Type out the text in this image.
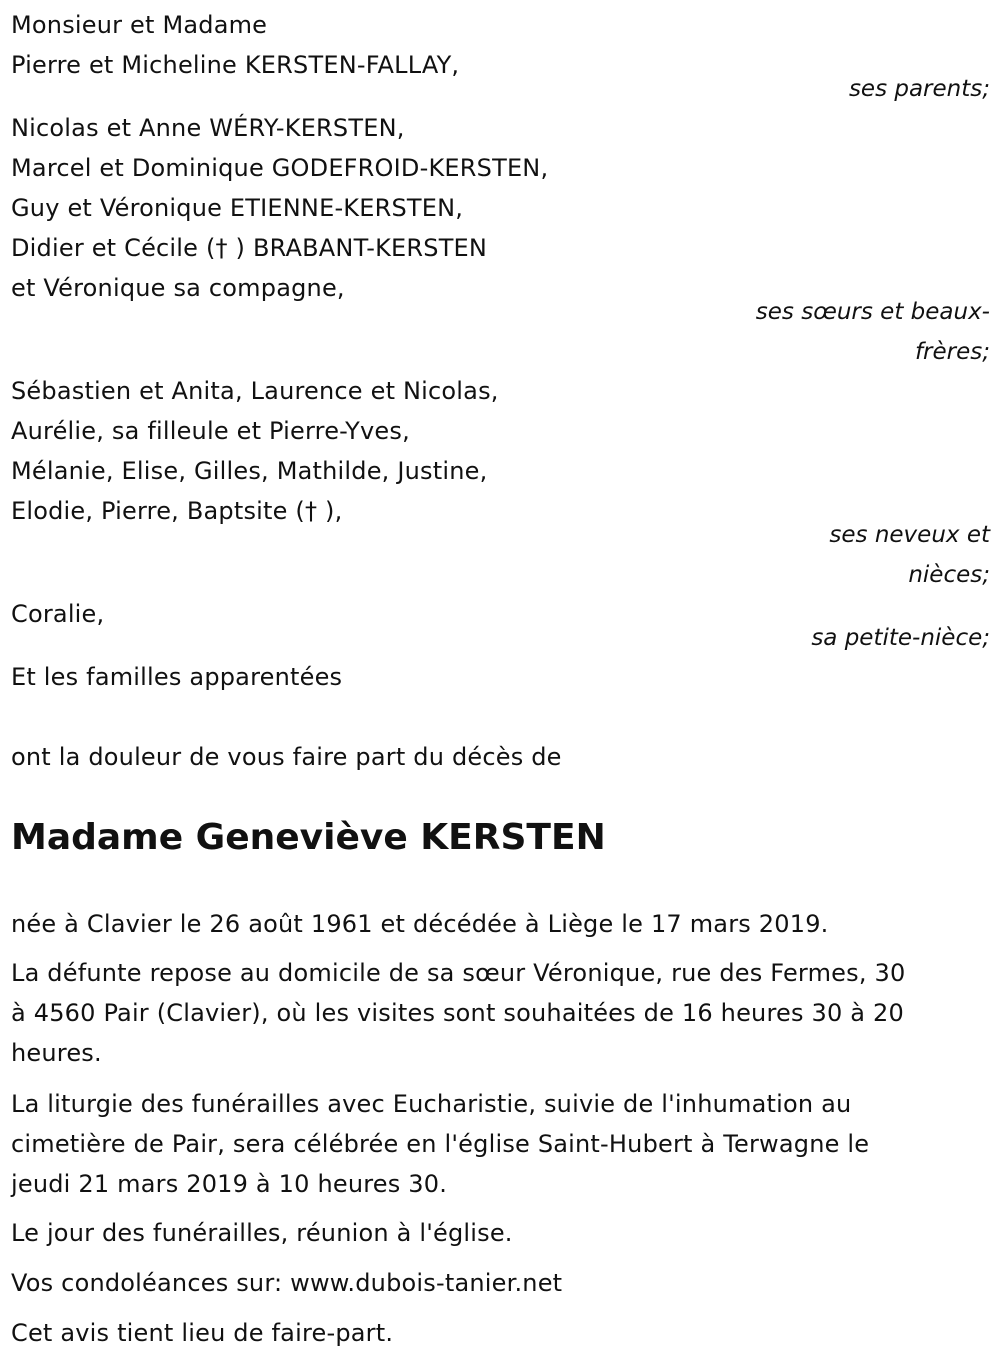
Monsieur et Madame
Pierre et Micheline KERSTEN-FALLAY,
ses parents;
Nicolas et Anne WÉRY-KERSTEN,
Marcel et Dominique GODEFROID-KERSTEN,
Guy et Véronique ETIENNE-KERSTEN,
Didier et Cécile († ) BRABANT-KERSTEN
et Véronique sa compagne,
ses sœurs et beaux-
frères;
Sébastien et Anita, Laurence et Nicolas,
Aurélie, sa filleule et Pierre-Yves,
Mélanie, Elise, Gilles, Mathilde, Justine,
Elodie, Pierre, Baptsite († ),
ses neveux et
nièces;
Coralie,
sa petite-nièce;
Et les familles apparentées
ont la douleur de vous faire part du décès de
Madame Geneviève KERSTEN
née à Clavier le 26 août 1961 et décédée à Liège le 17 mars 2019.
La défunte repose au domicile de sa sœur Véronique, rue des Fermes, 30
à 4560 Pair (Clavier), où les visites sont souhaitées de 16 heures 30 à 20
heures.
La liturgie des funérailles avec Eucharistie, suivie de l'inhumation au
cimetière de Pair, sera célébrée en l'église Saint-Hubert à Terwagne le
jeudi 21 mars 2019 à 10 heures 30.
Le jour des funérailles, réunion à l'église.
Vos condoléances sur: www.dubois-tanier.net
Cet avis tient lieu de faire-part.
